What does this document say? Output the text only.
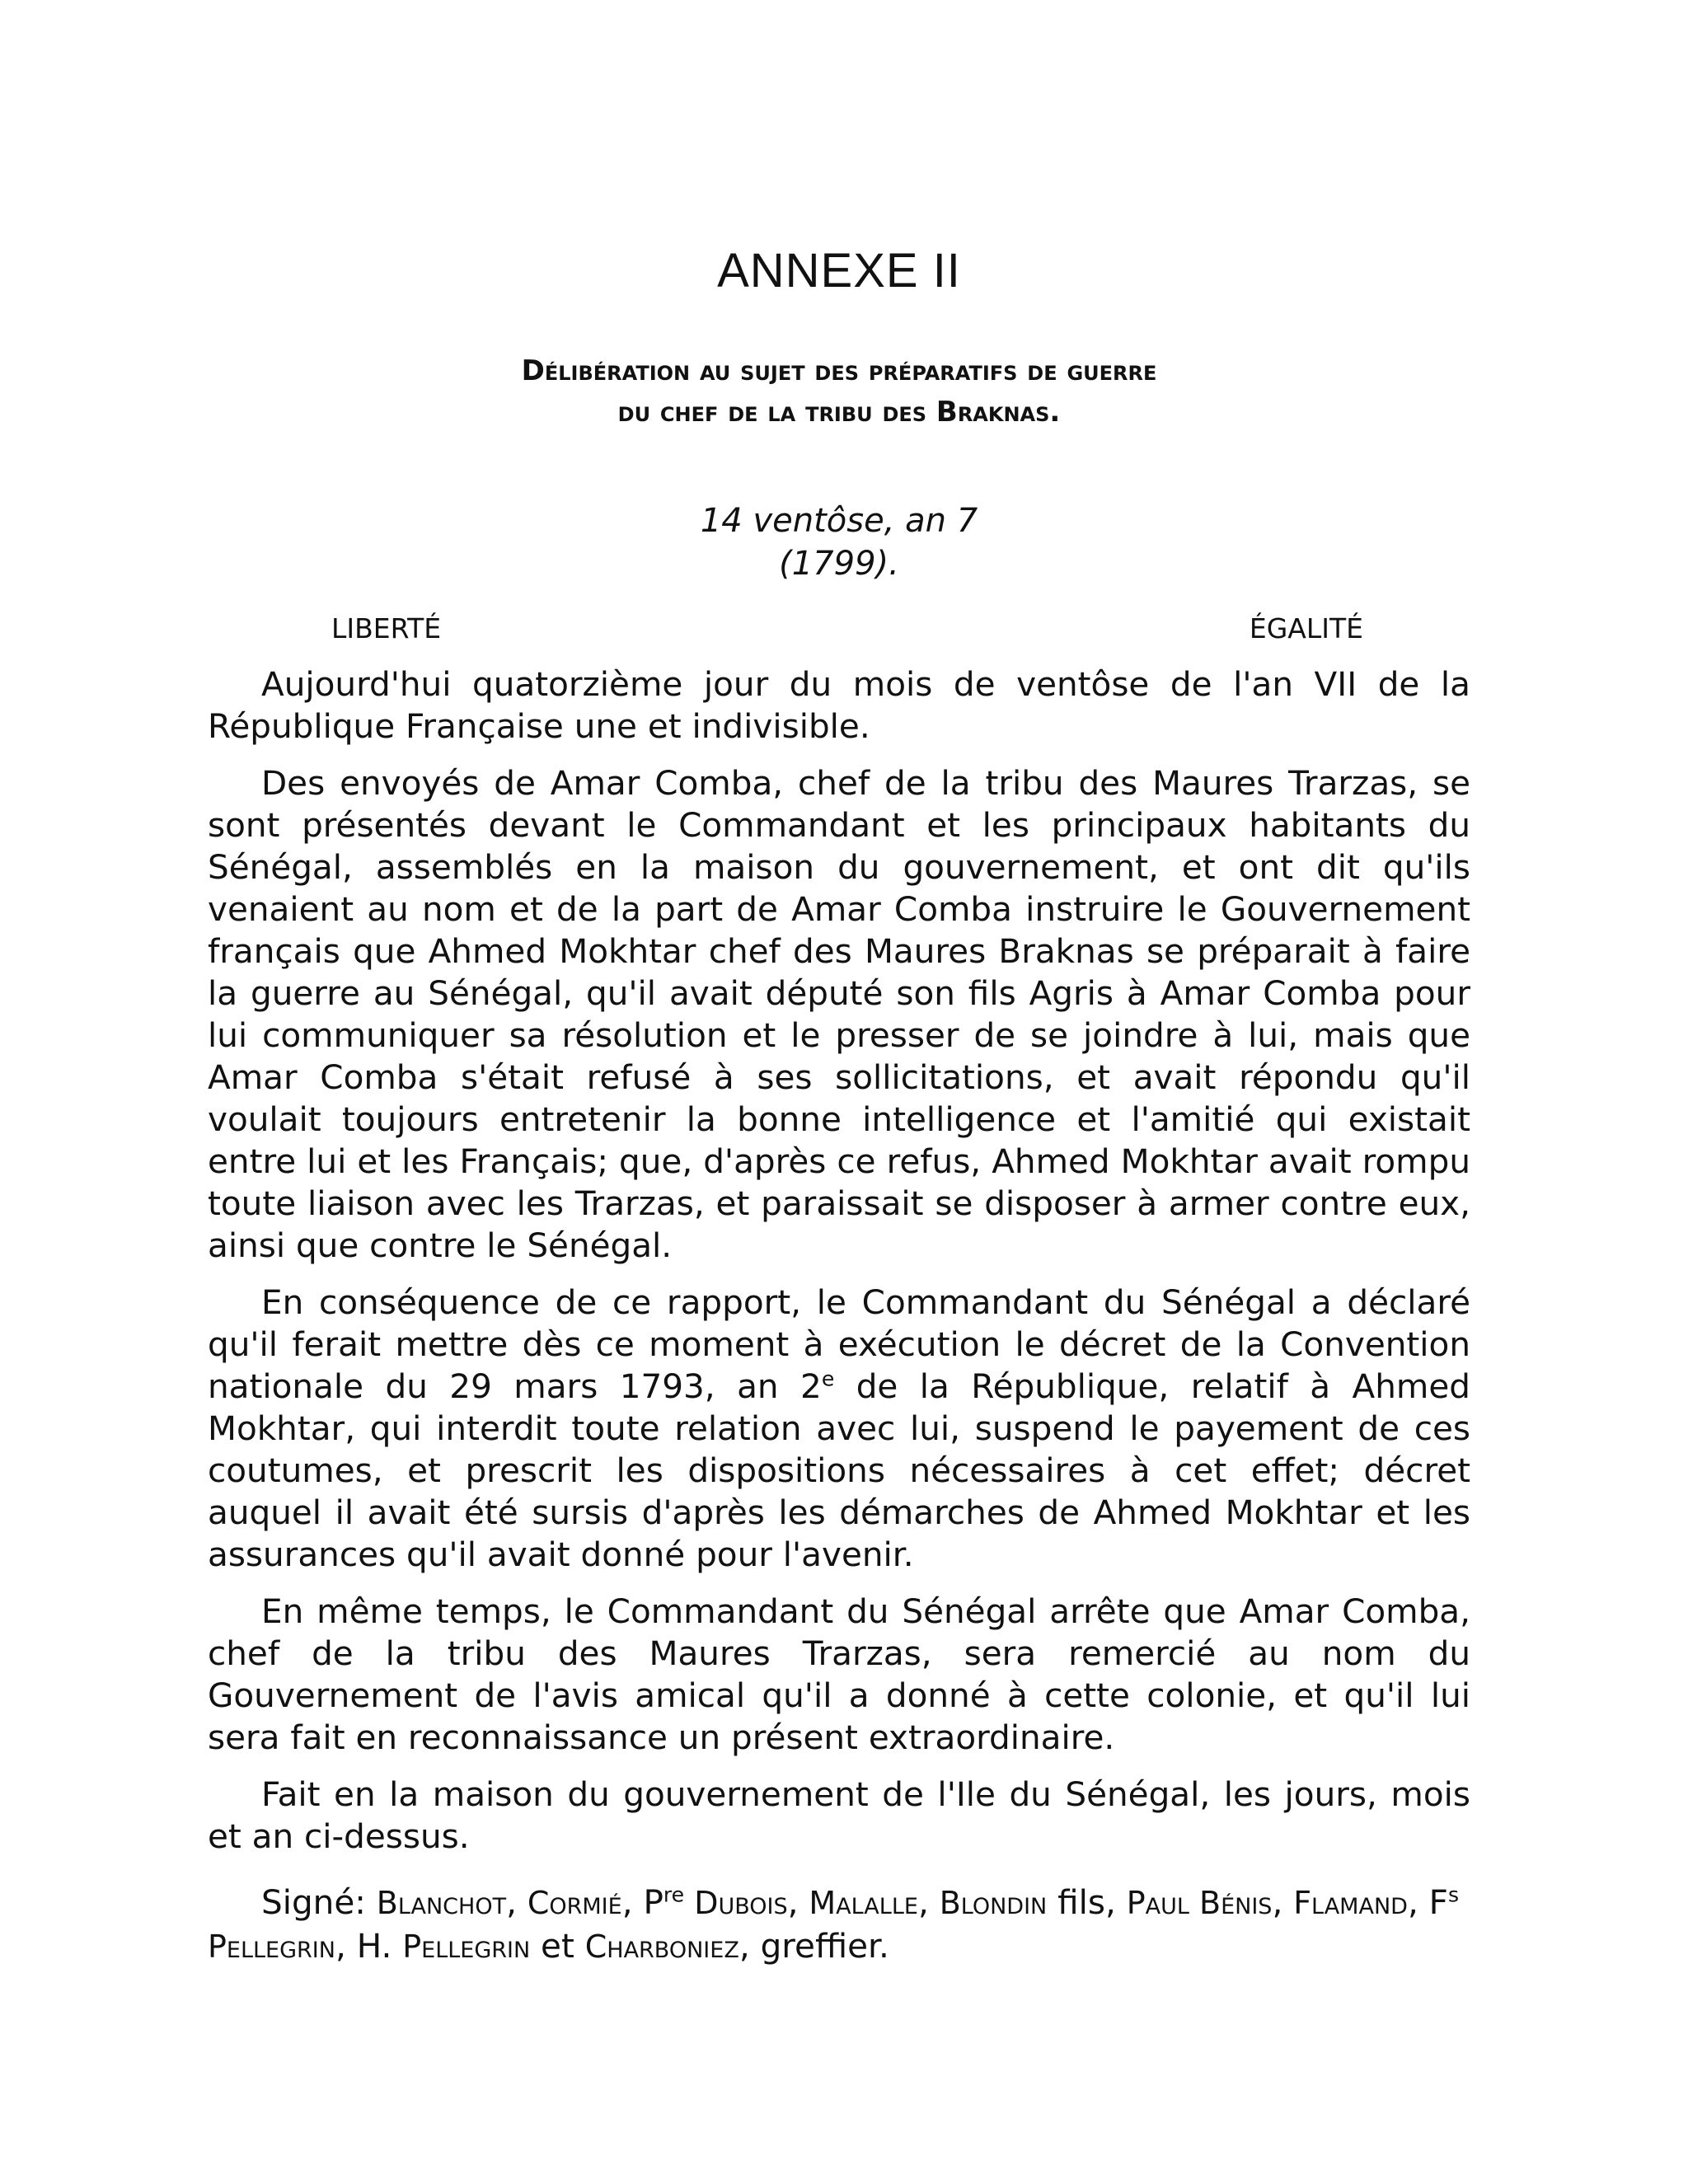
ANNEXE II
Délibération au sujet des préparatifs de guerre
du chef de la tribu des Braknas.
14 ventôse, an 7
(1799).
LIBERTÉ	ÉGALITÉ

Aujourd'hui quatorzième jour du mois de ventôse de l'an VII de la République Française une et indivisible.

Des envoyés de Amar Comba, chef de la tribu des Maures Trarzas, se sont présentés devant le Commandant et les principaux habitants du Sénégal, assemblés en la maison du gouvernement, et ont dit qu'ils venaient au nom et de la part de Amar Comba instruire le Gouvernement français que Ahmed Mokhtar chef des Maures Braknas se préparait à faire la guerre au Sénégal, qu'il avait député son fils Agris à Amar Comba pour lui communiquer sa résolution et le presser de se joindre à lui, mais que Amar Comba s'était refusé à ses sollicitations, et avait répondu qu'il voulait toujours entretenir la bonne intelligence et l'amitié qui existait entre lui et les Français; que, d'après ce refus, Ahmed Mokhtar avait rompu toute liaison avec les Trarzas, et paraissait se disposer à armer contre eux, ainsi que contre le Sénégal.

En conséquence de ce rapport, le Commandant du Sénégal a déclaré qu'il ferait mettre dès ce moment à exécution le décret de la Convention nationale du 29 mars 1793, an 2e de la République, relatif à Ahmed Mokhtar, qui interdit toute relation avec lui, suspend le payement de ces coutumes, et prescrit les dispositions nécessaires à cet effet; décret auquel il avait été sursis d'après les démarches de Ahmed Mokhtar et les assurances qu'il avait donné pour l'avenir.

En même temps, le Commandant du Sénégal arrête que Amar Comba, chef de la tribu des Maures Trarzas, sera remercié au nom du Gouvernement de l'avis amical qu'il a donné à cette colonie, et qu'il lui sera fait en reconnaissance un présent extraordinaire.

Fait en la maison du gouvernement de l'Ile du Sénégal, les jours, mois et an ci-dessus.

Signé: Blanchot, Cormié, $P^{re}$ Dubois, Malalle, Blondin fils, Paul Bénis, Flamand, $F^s$ Pellegrin, H. Pellegrin et Charboniez, greffier.
